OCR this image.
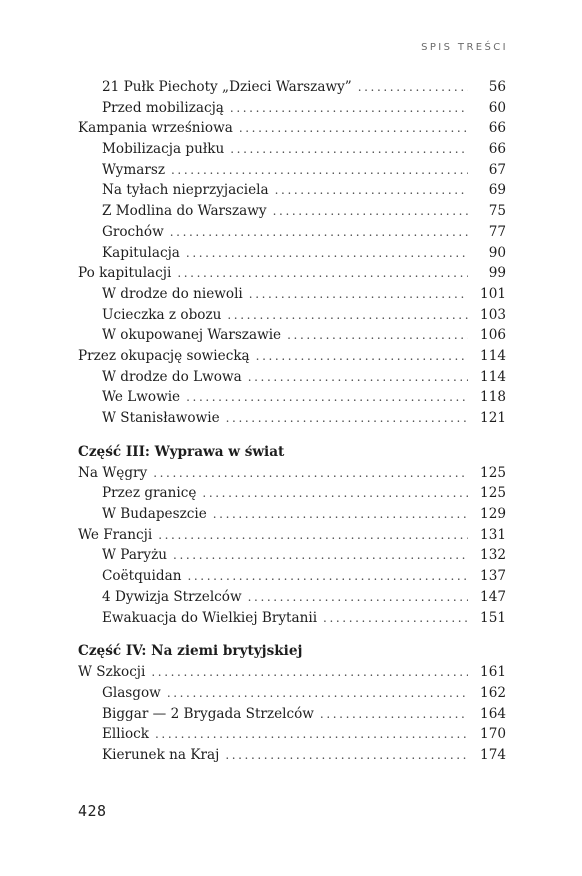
SPIS TREŚCI
21 Pułk Piechoty „Dzieci Warszawy” .....	56
Przed mobilizacją .....	60
Kampania wrześniowa .....	66
Mobilizacja pułku .....	66
Wymarsz .....	67
Na tyłach nieprzyjaciela .....	69
Z Modlina do Warszawy .....	75
Grochów .....	77
Kapitulacja .....	90
Po kapitulacji .....	99
W drodze do niewoli .....	101
Ucieczka z obozu .....	103
W okupowanej Warszawie .....	106
Przez okupację sowiecką .....	114
W drodze do Lwowa .....	114
We Lwowie .....	118
W Stanisławowie .....	121
Część III: Wyprawa w świat
Na Węgry .....	125
Przez granicę .....	125
W Budapeszcie .....	129
We Francji .....	131
W Paryżu .....	132
Coëtquidan .....	137
4 Dywizja Strzelców .....	147
Ewakuacja do Wielkiej Brytanii .....	151
Część IV: Na ziemi brytyjskiej
W Szkocji .....	161
Glasgow .....	162
Biggar — 2 Brygada Strzelców .....	164
Elliock .....	170
Kierunek na Kraj .....	174
428
